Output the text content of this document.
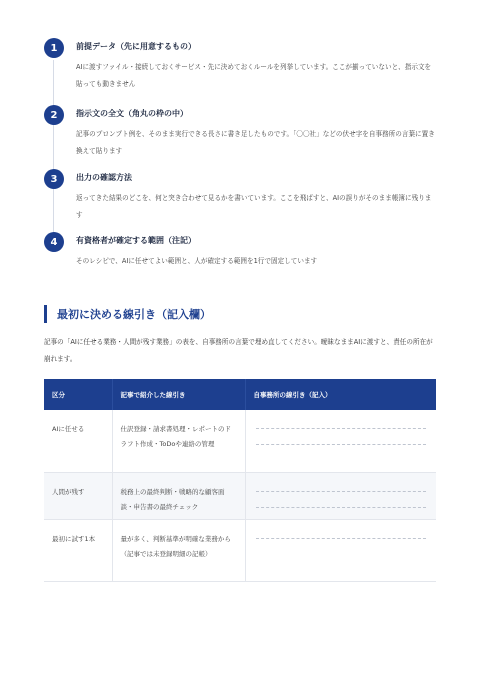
1	前提データ（先に用意するもの）
AIに渡すファイル・接続しておくサービス・先に決めておくルールを列挙しています。ここが揃っていないと、指示文を貼っても動きません
2	指示文の全文（角丸の枠の中）
記事のプロンプト例を、そのまま実行できる長さに書き足したものです。「〇〇社」などの伏せ字を自事務所の言葉に置き換えて貼ります
3	出力の確認方法
返ってきた結果のどこを、何と突き合わせて見るかを書いています。ここを飛ばすと、AIの誤りがそのまま帳簿に残ります
4	有資格者が確定する範囲（注記）
そのレシピで、AIに任せてよい範囲と、人が確定する範囲を1行で固定しています
最初に決める線引き（記入欄）
記事の「AIに任せる業務・人間が残す業務」の表を、自事務所の言葉で埋め直してください。曖昧なままAIに渡すと、責任の所在が崩れます。
区分	記事で紹介した線引き	自事務所の線引き（記入）
AIに任せる	仕訳登録・請求書処理・レポートのドラフト作成・ToDoや連絡の管理	

人間が残す	税務上の最終判断・戦略的な顧客面談・申告書の最終チェック	

最初に試す1本	量が多く、判断基準が明確な業務から（記事では未登録明細の記帳）	
